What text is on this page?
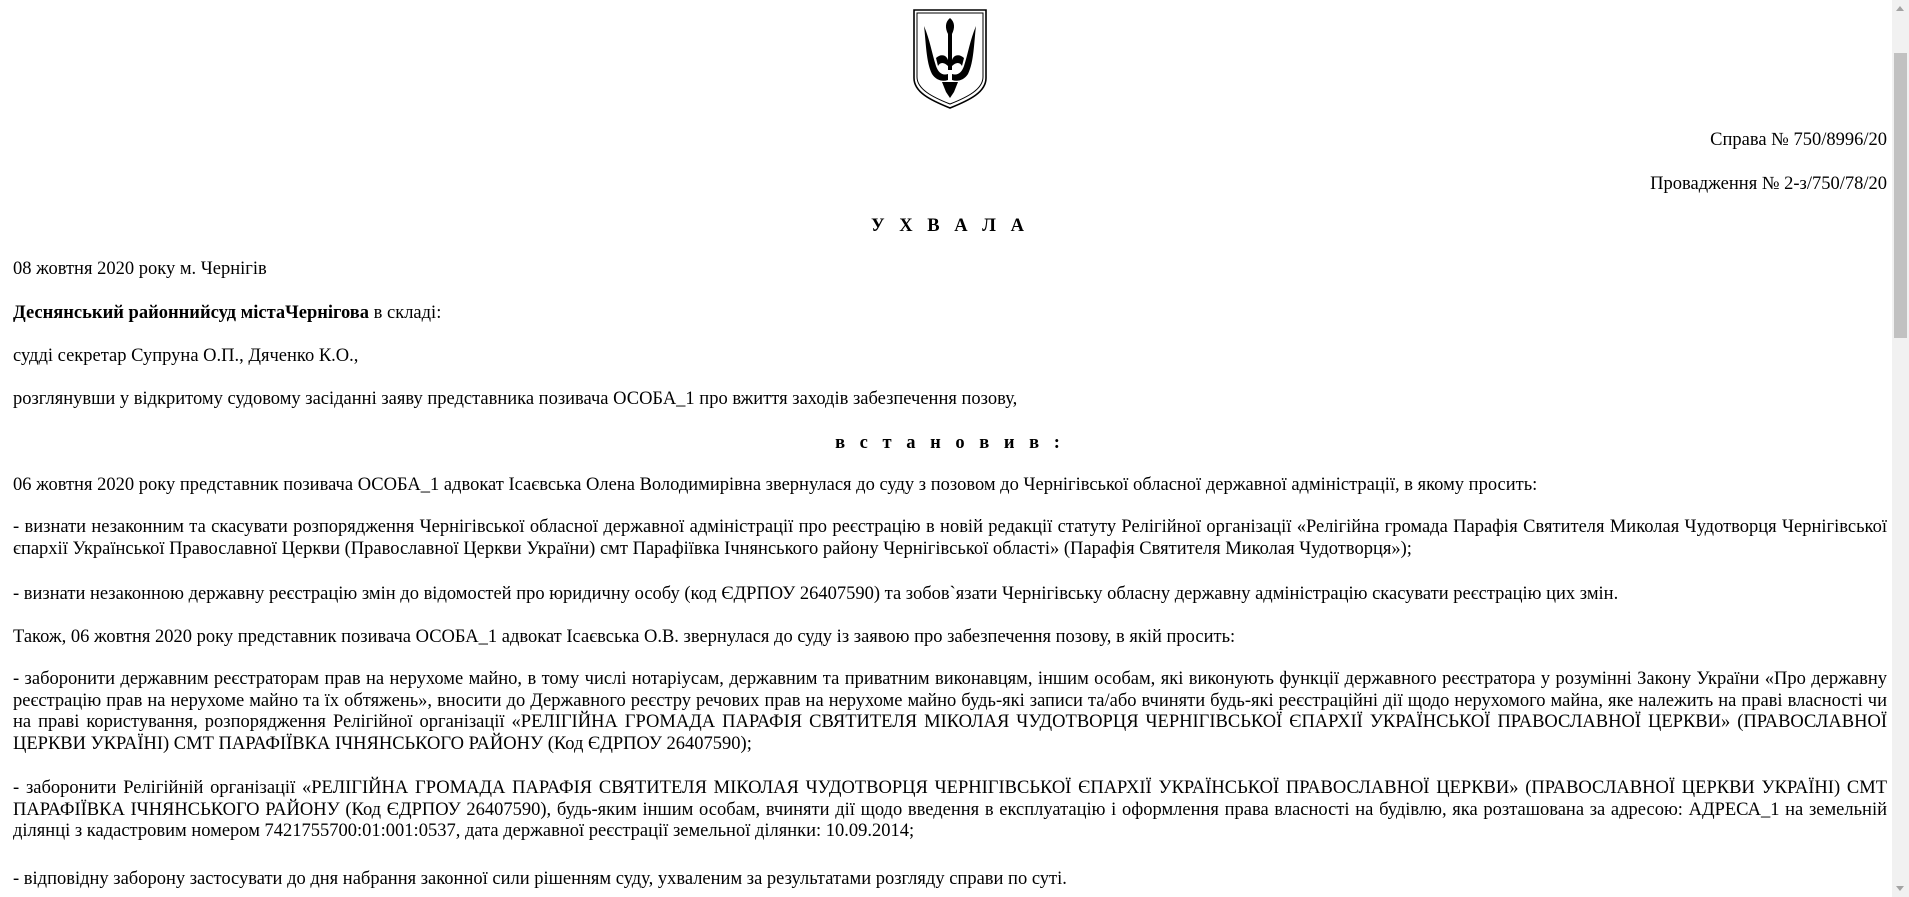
Справа № 750/8996/20
Провадження № 2-з/750/78/20
У Х В А Л А
08 жовтня 2020 року м. Чернігів
Деснянський районнийсуд містаЧернігова в складі:
судді секретар Супруна О.П., Дяченко К.О.,
розглянувши у відкритому судовому засіданні заяву представника позивача ОСОБА_1 про вжиття заходів забезпечення позову,
в с т а н о в и в :
06 жовтня 2020 року представник позивача ОСОБА_1 адвокат Ісаєвська Олена Володимирівна звернулася до суду з позовом до Чернігівської обласної державної адміністрації, в якому просить:
- визнати незаконним та скасувати розпорядження Чернігівської обласної державної адміністрації про реєстрацію в новій редакції статуту Релігійної організації «Релігійна громада Парафія Святителя Миколая Чудотворця Чернігівської єпархії Української Православної Церкви (Православної Церкви України) смт Парафіївка Ічнянського району Чернігівської області» (Парафія Святителя Миколая Чудотворця»);
- визнати незаконною державну реєстрацію змін до відомостей про юридичну особу (код ЄДРПОУ 26407590) та зобов`язати Чернігівську обласну державну адміністрацію скасувати реєстрацію цих змін.
Також, 06 жовтня 2020 року представник позивача ОСОБА_1 адвокат Ісаєвська О.В. звернулася до суду із заявою про забезпечення позову, в якій просить:
- заборонити державним реєстраторам прав на нерухоме майно, в тому числі нотаріусам, державним та приватним виконавцям, іншим особам, які виконують функції державного реєстратора у розумінні Закону України «Про державну реєстрацію прав на нерухоме майно та їх обтяжень», вносити до Державного реєстру речових прав на нерухоме майно будь-які записи та/або вчиняти будь-які реєстраційні дії щодо нерухомого майна, яке належить на праві власності чи на праві користування, розпорядження Релігійної організації «РЕЛІГІЙНА ГРОМАДА ПАРАФІЯ СВЯТИТЕЛЯ МІКОЛАЯ ЧУДОТВОРЦЯ ЧЕРНІГІВСЬКОЇ ЄПАРХІЇ УКРАЇНСЬКОЇ ПРАВОСЛАВНОЇ ЦЕРКВИ» (ПРАВОСЛАВНОЇ ЦЕРКВИ УКРАЇНІ) СМТ ПАРАФІЇВКА ІЧНЯНСЬКОГО РАЙОНУ (Код ЄДРПОУ 26407590);
- заборонити Релігійній організації «РЕЛІГІЙНА ГРОМАДА ПАРАФІЯ СВЯТИТЕЛЯ МІКОЛАЯ ЧУДОТВОРЦЯ ЧЕРНІГІВСЬКОЇ ЄПАРХІЇ УКРАЇНСЬКОЇ ПРАВОСЛАВНОЇ ЦЕРКВИ» (ПРАВОСЛАВНОЇ ЦЕРКВИ УКРАЇНІ) СМТ ПАРАФІЇВКА ІЧНЯНСЬКОГО РАЙОНУ (Код ЄДРПОУ 26407590), будь-яким іншим особам, вчиняти дії щодо введення в експлуатацію і оформлення права власності на будівлю, яка розташована за адресою: АДРЕСА_1 на земельній ділянці з кадастровим номером 7421755700:01:001:0537, дата державної реєстрації земельної ділянки: 10.09.2014;
- відповідну заборону застосувати до дня набрання законної сили рішенням суду, ухваленим за результатами розгляду справи по суті.
